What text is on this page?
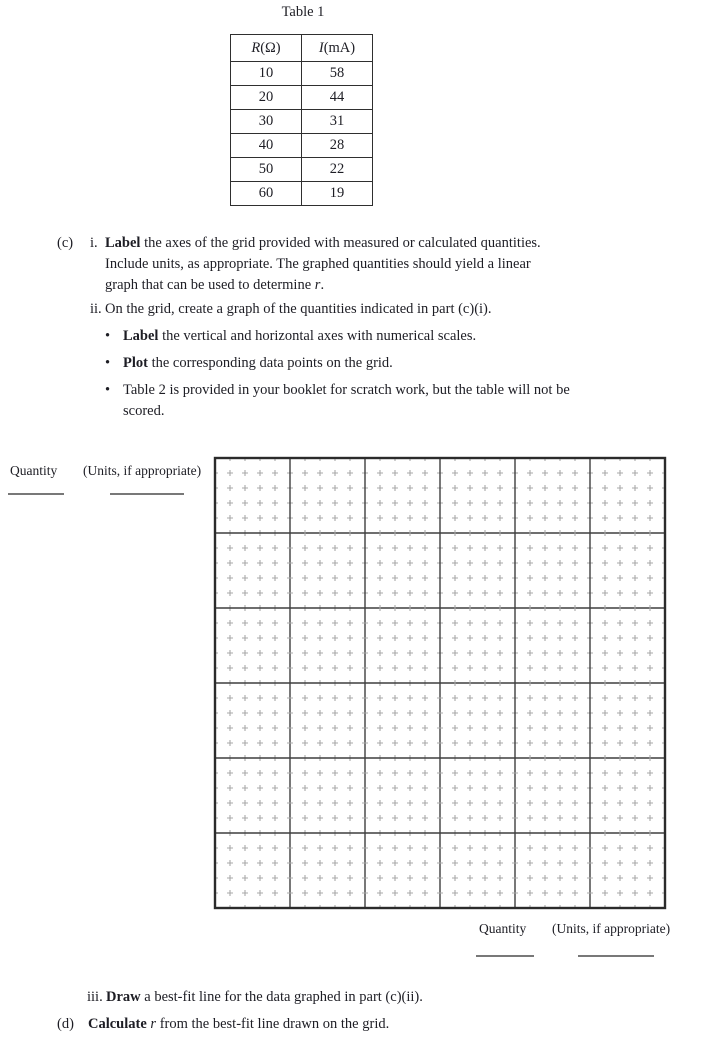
Table 1
R(Ω)	I(mA)
10	58
20	44
30	31
40	28
50	22
60	19
(c)	i. Label the axes of the grid provided with measured or calculated quantities. Include units, as appropriate. The graphed quantities should yield a linear graph that can be used to determine r.
ii. On the grid, create a graph of the quantities indicated in part (c)(i).
• Label the vertical and horizontal axes with numerical scales.
• Plot the corresponding data points on the grid.
• Table 2 is provided in your booklet for scratch work, but the table will not be scored.
Quantity (Units, if appropriate)
Quantity (Units, if appropriate)
iii. Draw a best-fit line for the data graphed in part (c)(ii).
(d) Calculate r from the best-fit line drawn on the grid.
